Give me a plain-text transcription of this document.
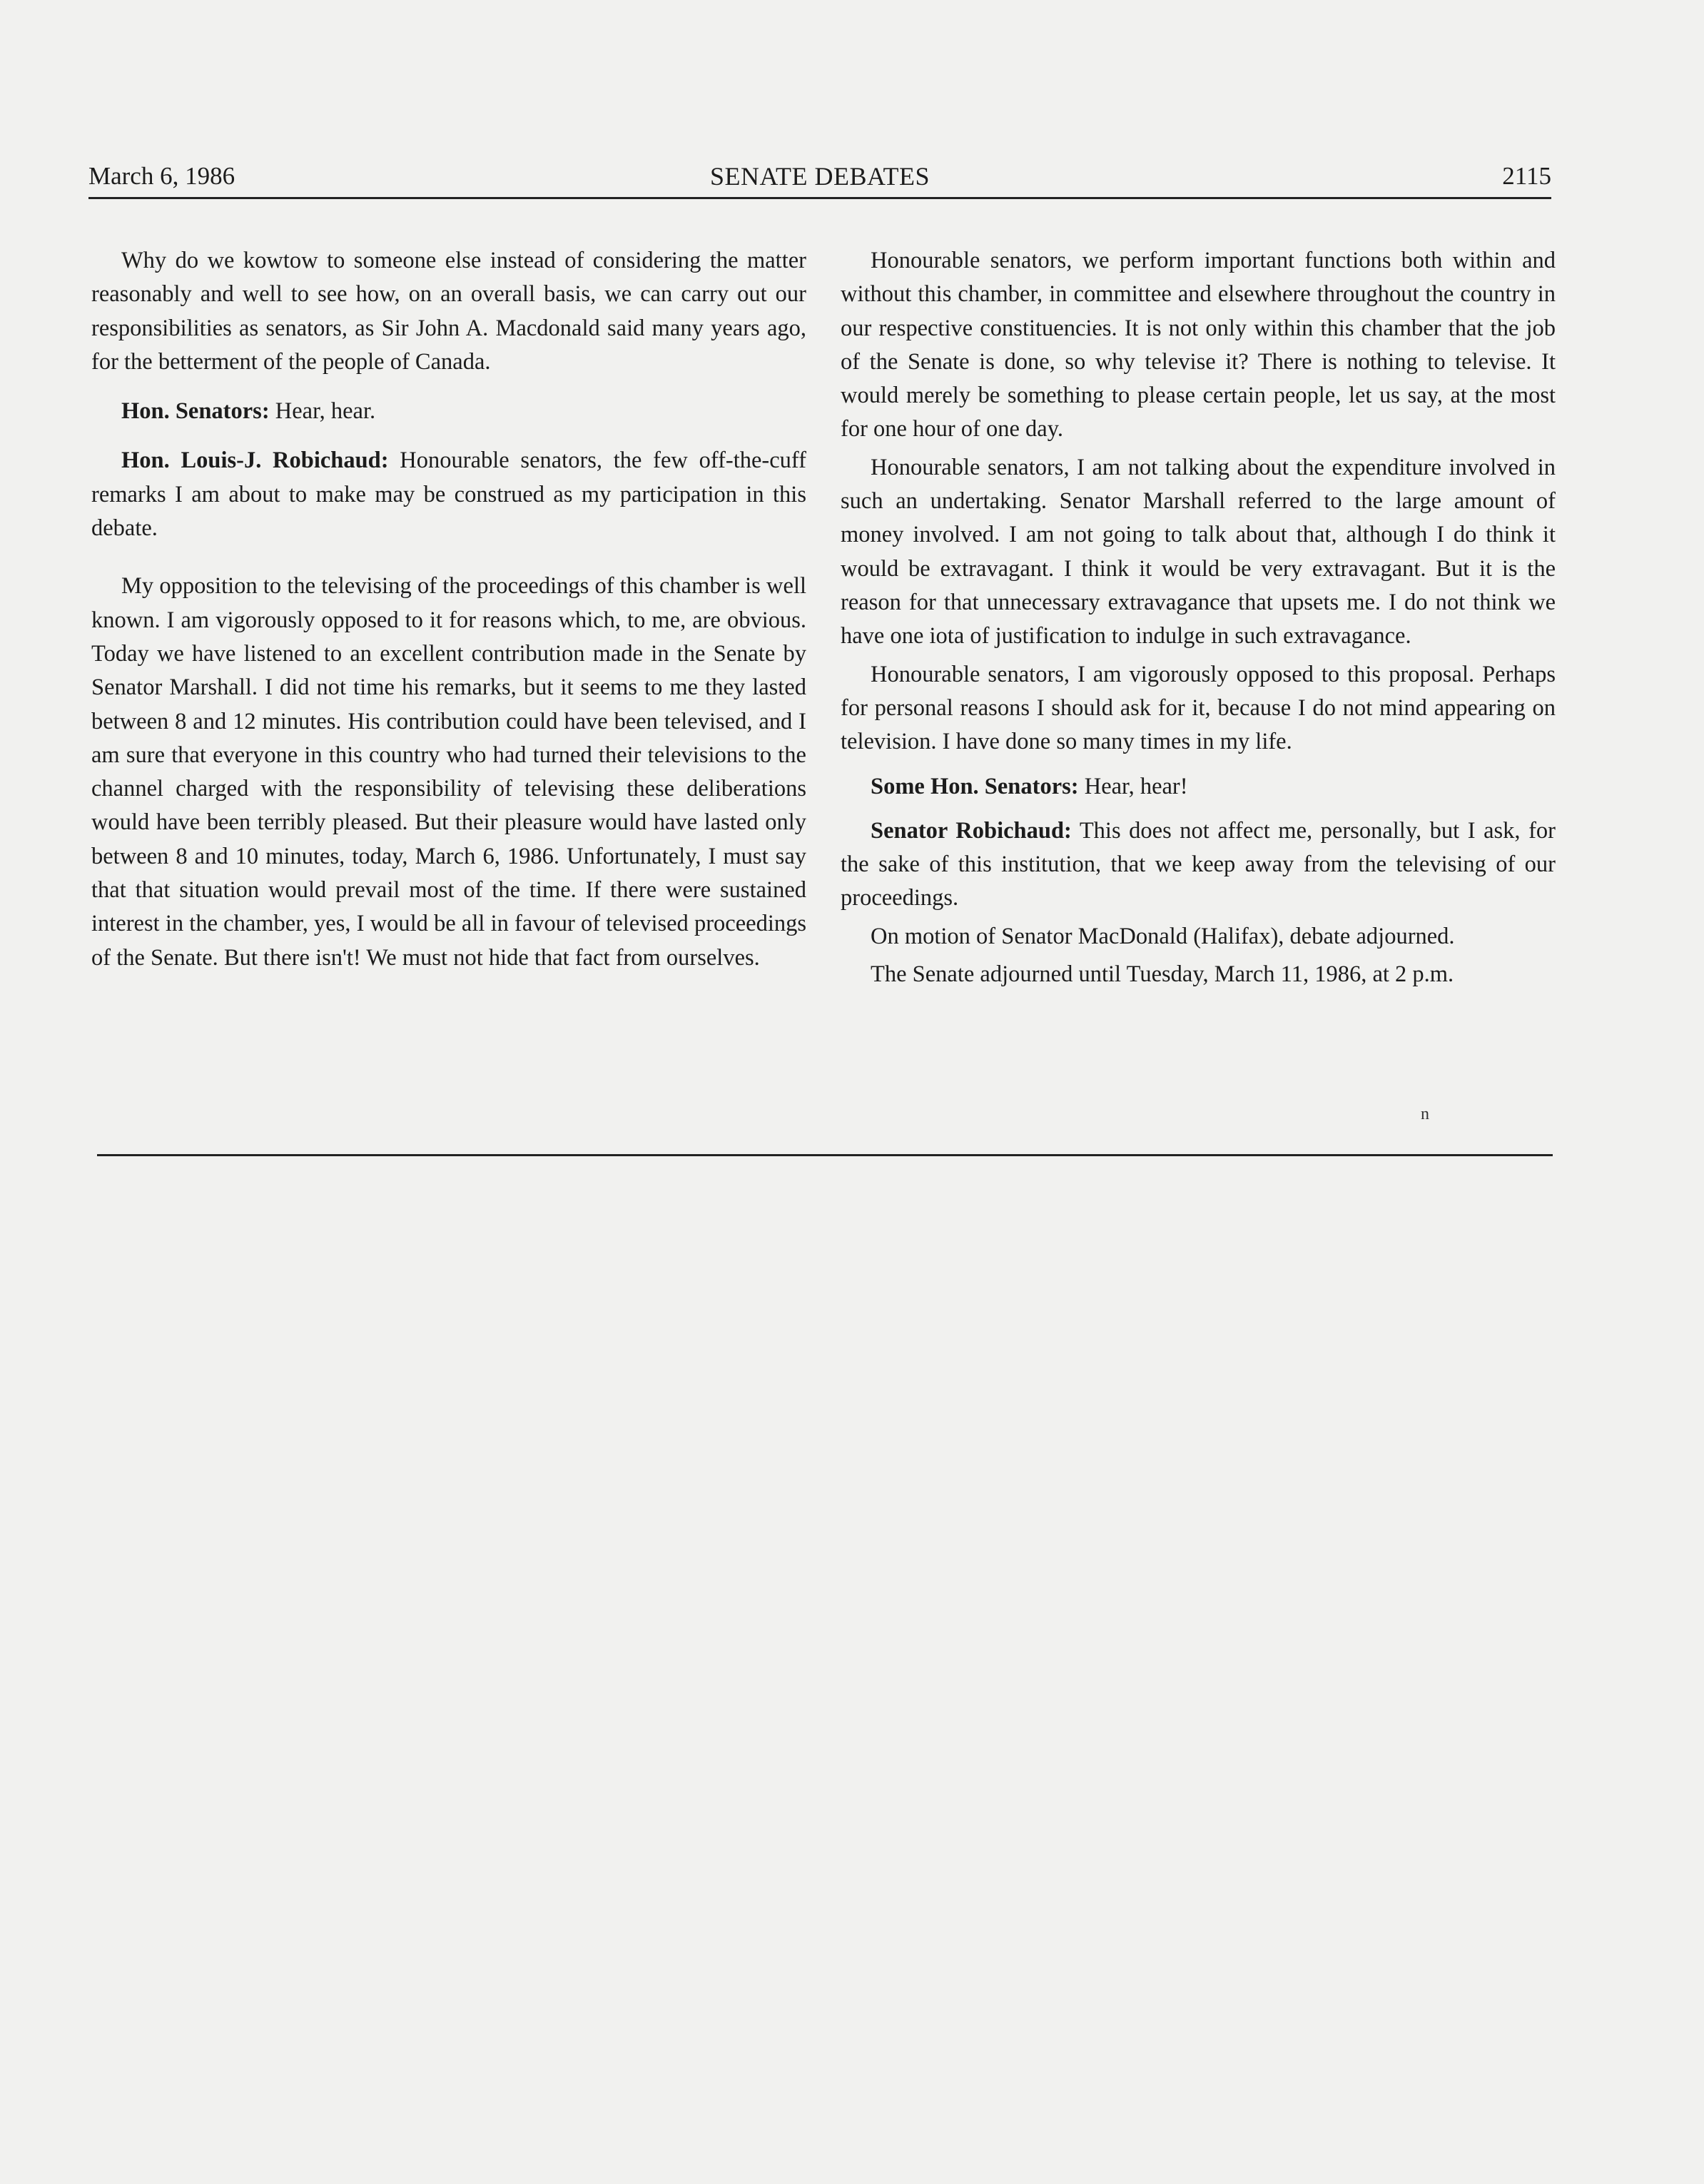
March 6, 1986	SENATE DEBATES	2115

Why do we kowtow to someone else instead of considering the matter reasonably and well to see how, on an overall basis, we can carry out our responsibilities as senators, as Sir John A. Macdonald said many years ago, for the betterment of the people of Canada.

Hon. Senators: Hear, hear.

Hon. Louis-J. Robichaud: Honourable senators, the few off-the-cuff remarks I am about to make may be construed as my participation in this debate.

My opposition to the televising of the proceedings of this chamber is well known. I am vigorously opposed to it for reasons which, to me, are obvious. Today we have listened to an excellent contribution made in the Senate by Senator Marshall. I did not time his remarks, but it seems to me they lasted between 8 and 12 minutes. His contribution could have been televised, and I am sure that everyone in this country who had turned their televisions to the channel charged with the responsibility of televising these deliberations would have been terribly pleased. But their pleasure would have lasted only between 8 and 10 minutes, today, March 6, 1986. Unfortunately, I must say that that situation would prevail most of the time. If there were sustained interest in the chamber, yes, I would be all in favour of televised proceedings of the Senate. But there isn't! We must not hide that fact from ourselves.

Honourable senators, we perform important functions both within and without this chamber, in committee and elsewhere throughout the country in our respective constituencies. It is not only within this chamber that the job of the Senate is done, so why televise it? There is nothing to televise. It would merely be something to please certain people, let us say, at the most for one hour of one day.

Honourable senators, I am not talking about the expenditure involved in such an undertaking. Senator Marshall referred to the large amount of money involved. I am not going to talk about that, although I do think it would be extravagant. I think it would be very extravagant. But it is the reason for that unnecessary extravagance that upsets me. I do not think we have one iota of justification to indulge in such extravagance.

Honourable senators, I am vigorously opposed to this proposal. Perhaps for personal reasons I should ask for it, because I do not mind appearing on television. I have done so many times in my life.

Some Hon. Senators: Hear, hear!

Senator Robichaud: This does not affect me, personally, but I ask, for the sake of this institution, that we keep away from the televising of our proceedings.

On motion of Senator MacDonald (Halifax), debate adjourned.

The Senate adjourned until Tuesday, March 11, 1986, at 2 p.m.

n
